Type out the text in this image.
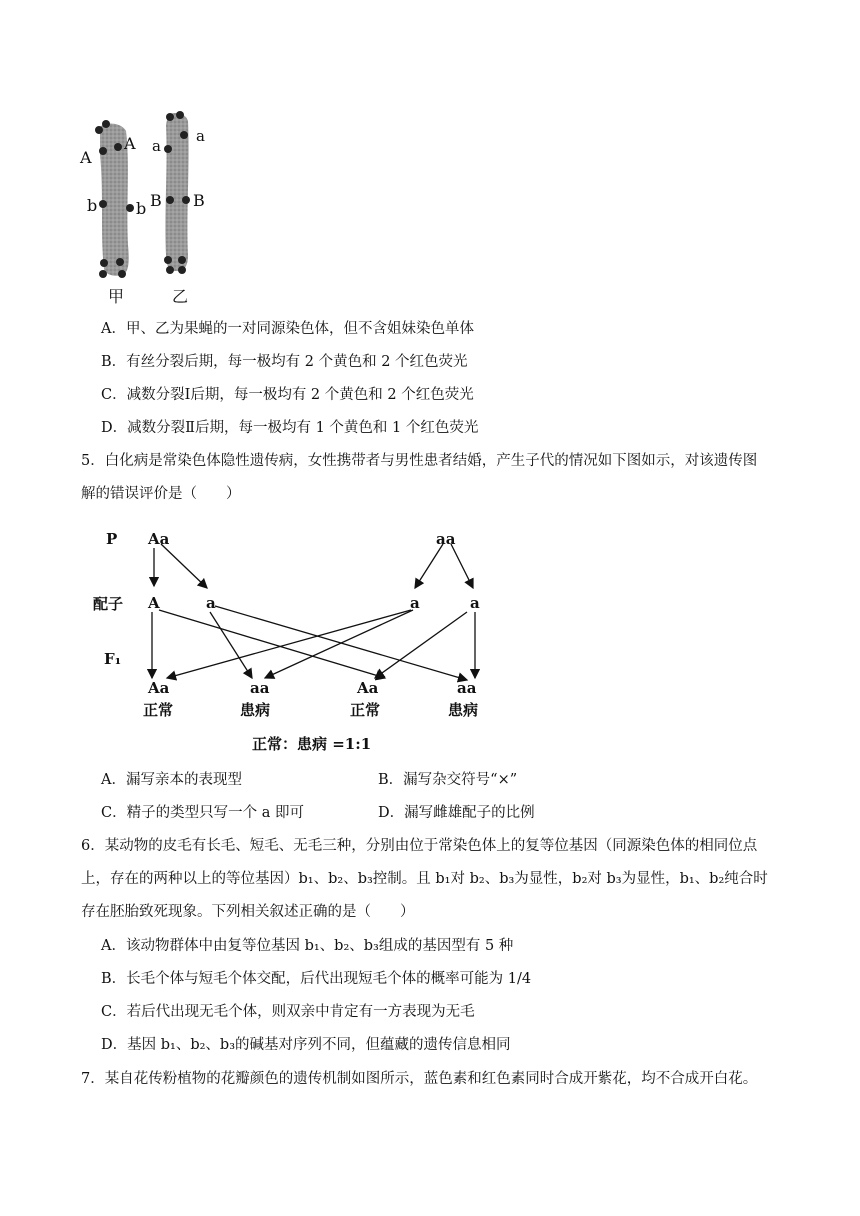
A
A
b b
a
a
B B
甲	乙
A．甲、乙为果蝇的一对同源染色体，但不含姐妹染色单体
B．有丝分裂后期，每一极均有 2 个黄色和 2 个红色荧光
C．减数分裂Ⅰ后期，每一极均有 2 个黄色和 2 个红色荧光
D．减数分裂Ⅱ后期，每一极均有 1 个黄色和 1 个红色荧光
5．白化病是常染色体隐性遗传病，女性携带者与男性患者结婚，产生子代的情况如下图如示，对该遗传图
解的错误评价是（　　）
P
配子
F₁
Aa	aa
A	a	a	a
Aa	aa	Aa	aa
正常	患病	正常	患病
正常：患病 =1:1
A．漏写亲本的表现型	B．漏写杂交符号“×”
C．精子的类型只写一个 a 即可	D．漏写雌雄配子的比例
6．某动物的皮毛有长毛、短毛、无毛三种，分别由位于常染色体上的复等位基因（同源染色体的相同位点
上，存在的两种以上的等位基因）b₁、b₂、b₃控制。且 b₁对 b₂、b₃为显性，b₂对 b₃为显性，b₁、b₂纯合时
存在胚胎致死现象。下列相关叙述正确的是（　　）
A．该动物群体中由复等位基因 b₁、b₂、b₃组成的基因型有 5 种
B．长毛个体与短毛个体交配，后代出现短毛个体的概率可能为 1/4
C．若后代出现无毛个体，则双亲中肯定有一方表现为无毛
D．基因 b₁、b₂、b₃的碱基对序列不同，但蕴藏的遗传信息相同
7．某自花传粉植物的花瓣颜色的遗传机制如图所示，蓝色素和红色素同时合成开紫花，均不合成开白花。
